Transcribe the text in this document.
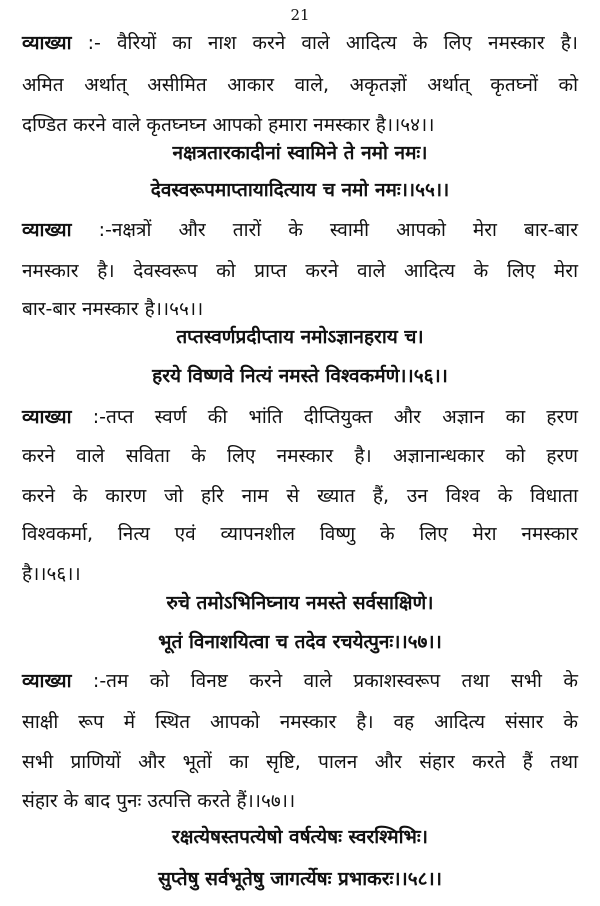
21
व्याख्या :- वैरियों का नाश करने वाले आदित्य के लिए नमस्कार है।
अमित अर्थात् असीमित आकार वाले, अकृतज्ञों अर्थात् कृतघ्नों को
दण्डित करने वाले कृतघ्नघ्न आपको हमारा नमस्कार है।।५४।।
नक्षत्रतारकादीनां स्वामिने ते नमो नमः।
देवस्वरूपमाप्तायादित्याय च नमो नमः।।५५।।
व्याख्या :-नक्षत्रों और तारों के स्वामी आपको मेरा बार-बार
नमस्कार है। देवस्वरूप को प्राप्त करने वाले आदित्य के लिए मेरा
बार-बार नमस्कार है।।५५।।
तप्तस्वर्णप्रदीप्ताय नमोऽज्ञानहराय च।
हरये विष्णवे नित्यं नमस्ते विश्वकर्मणे।।५६।।
व्याख्या :-तप्त स्वर्ण की भांति दीप्तियुक्त और अज्ञान का हरण
करने वाले सविता के लिए नमस्कार है। अज्ञानान्धकार को हरण
करने के कारण जो हरि नाम से ख्यात हैं, उन विश्व के विधाता
विश्वकर्मा, नित्य एवं व्यापनशील विष्णु के लिए मेरा नमस्कार
है।।५६।।
रुचे तमोऽभिनिघ्नाय नमस्ते सर्वसाक्षिणे।
भूतं विनाशयित्वा च तदेव रचयेत्पुनः।।५७।।
व्याख्या :-तम को विनष्ट करने वाले प्रकाशस्वरूप तथा सभी के
साक्षी रूप में स्थित आपको नमस्कार है। वह आदित्य संसार के
सभी प्राणियों और भूतों का सृष्टि, पालन और संहार करते हैं तथा
संहार के बाद पुनः उत्पत्ति करते हैं।।५७।।
रक्षत्येषस्तपत्येषो वर्षत्येषः स्वरश्मिभिः।
सुप्तेषु सर्वभूतेषु जागर्त्येषः प्रभाकरः।।५८।।
